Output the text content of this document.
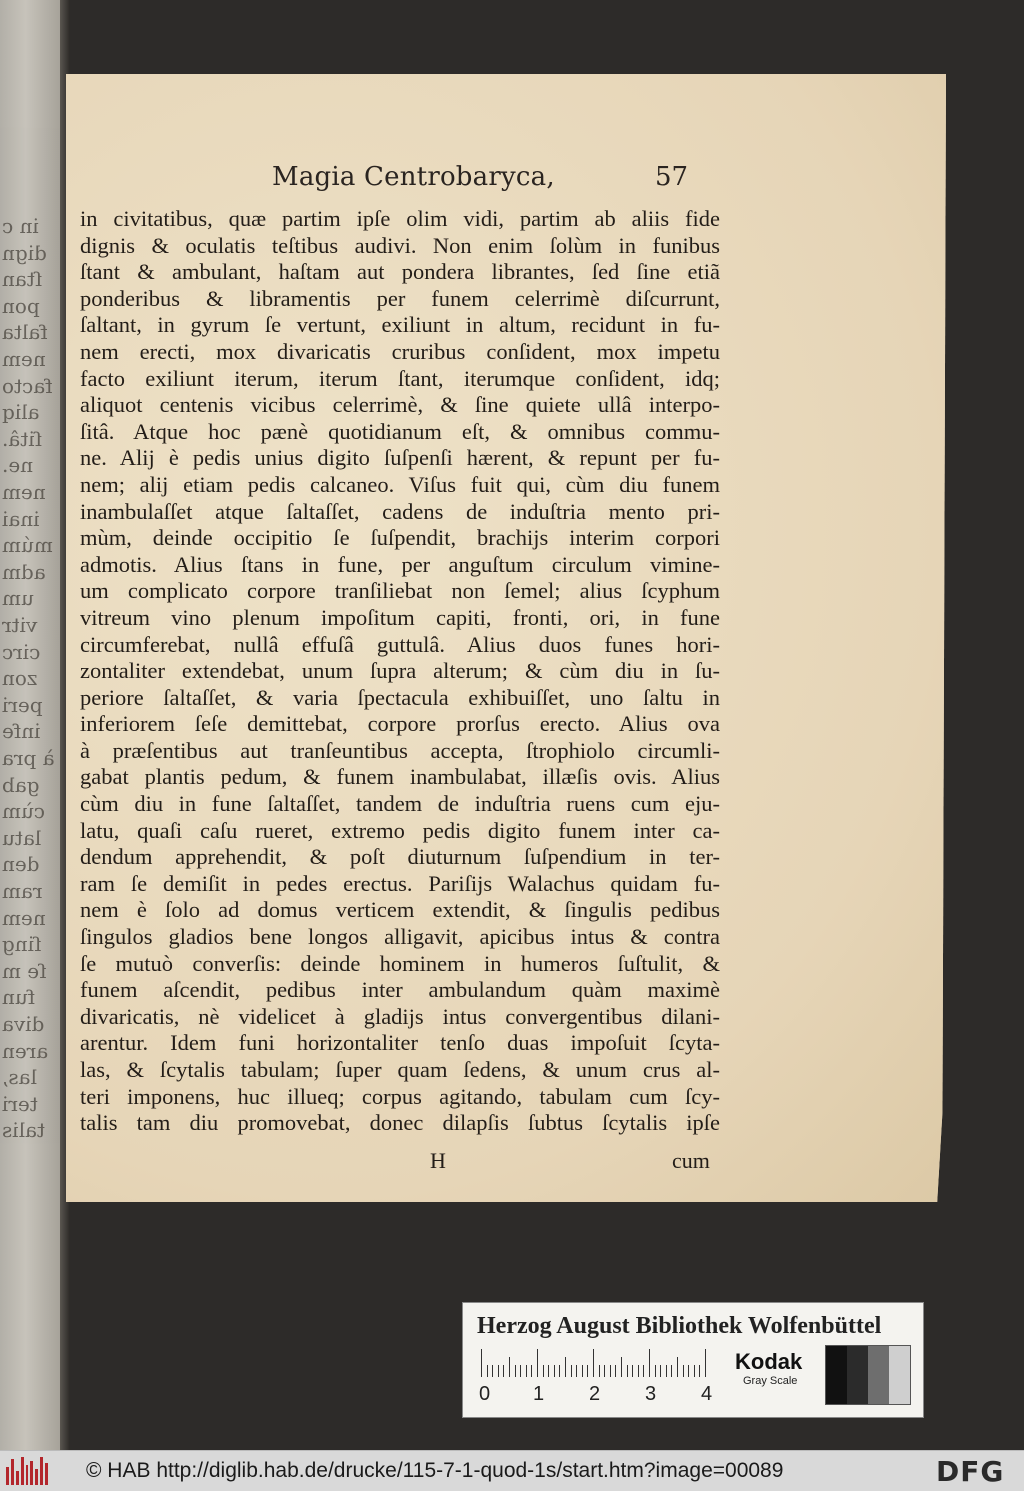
in c
dign
ſtan
pon
falta
nem
facto
aliq
ſitâ.
ne.
nem
inai
múm
adm
um
vitr
circ
zon
peri
infe
à pra
gab
cùm
latu
den
ram
nem
ſing
ſe m
fun
diva
aren
las,
teri
talis
Magia Centrobaryca,	57
in civitatibus, quæ partim ipſe olim vidi, partim ab aliis fide
dignis & oculatis teſtibus audivi. Non enim ſolùm in funibus
ſtant & ambulant, haſtam aut pondera librantes, ſed ſine etiã
ponderibus & libramentis per funem celerrimè diſcurrunt,
ſaltant, in gyrum ſe vertunt, exiliunt in altum, recidunt in fu-
nem erecti, mox divaricatis cruribus conſident, mox impetu
facto exiliunt iterum, iterum ſtant, iterumque conſident, idq;
aliquot centenis vicibus celerrimè, & ſine quiete ullâ interpo-
ſitâ. Atque hoc pænè quotidianum eſt, & omnibus commu-
ne. Alij è pedis unius digito ſuſpenſi hærent, & repunt per fu-
nem; alij etiam pedis calcaneo. Viſus fuit qui, cùm diu funem
inambulaſſet atque ſaltaſſet, cadens de induſtria mento pri-
mùm, deinde occipitio ſe ſuſpendit, brachijs interim corpori
admotis. Alius ſtans in fune, per anguſtum circulum vimine-
um complicato corpore tranſiliebat non ſemel; alius ſcyphum
vitreum vino plenum impoſitum capiti, fronti, ori, in fune
circumferebat, nullâ effuſâ guttulâ. Alius duos funes hori-
zontaliter extendebat, unum ſupra alterum; & cùm diu in ſu-
periore ſaltaſſet, & varia ſpectacula exhibuiſſet, uno ſaltu in
inferiorem ſeſe demittebat, corpore prorſus erecto. Alius ova
à præſentibus aut tranſeuntibus accepta, ſtrophiolo circumli-
gabat plantis pedum, & funem inambulabat, illæſis ovis. Alius
cùm diu in fune ſaltaſſet, tandem de induſtria ruens cum eju-
latu, quaſi caſu rueret, extremo pedis digito funem inter ca-
dendum apprehendit, & poſt diuturnum ſuſpendium in ter-
ram ſe demiſit in pedes erectus. Pariſijs Walachus quidam fu-
nem è ſolo ad domus verticem extendit, & ſingulis pedibus
ſingulos gladios bene longos alligavit, apicibus intus & contra
ſe mutuò converſis: deinde hominem in humeros ſuſtulit, &
funem aſcendit, pedibus inter ambulandum quàm maximè
divaricatis, nè videlicet à gladijs intus convergentibus dilani-
arentur. Idem funi horizontaliter tenſo duas impoſuit ſcyta-
las, & ſcytalis tabulam; ſuper quam ſedens, & unum crus al-
teri imponens, huc illueq; corpus agitando, tabulam cum ſcy-
talis tam diu promovebat, donec dilapſis ſubtus ſcytalis ipſe
H	cum
Herzog August Bibliothek Wolfenbüttel
0 1 2 3 4
Kodak
Gray Scale
© HAB http://diglib.hab.de/drucke/115-7-1-quod-1s/start.htm?image=00089	DFG
